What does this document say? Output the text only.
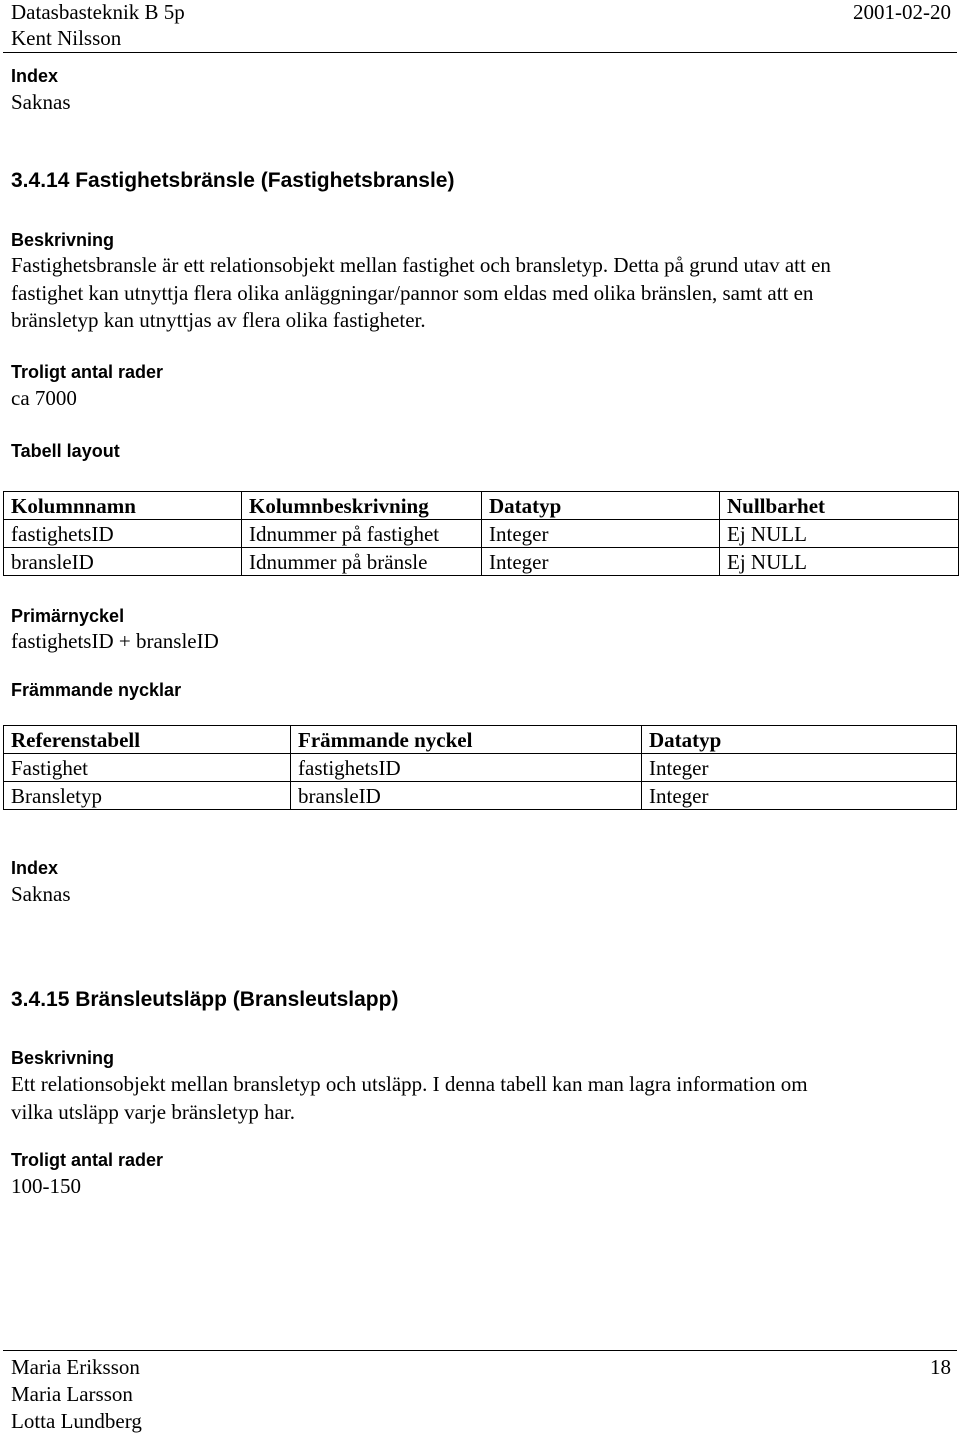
Datasbasteknik B 5p	2001-02-20
Kent Nilsson
Index
Saknas
3.4.14 Fastighetsbränsle (Fastighetsbransle)
Beskrivning
Fastighetsbransle är ett relationsobjekt mellan fastighet och bransletyp. Detta på grund utav att en
fastighet kan utnyttja flera olika anläggningar/pannor som eldas med olika bränslen, samt att en
bränsletyp kan utnyttjas av flera olika fastigheter.
Troligt antal rader
ca 7000
Tabell layout
Kolumnnamn	Kolumnbeskrivning	Datatyp	Nullbarhet
fastighetsID	Idnummer på fastighet	Integer	Ej NULL
bransleID	Idnummer på bränsle	Integer	Ej NULL
Primärnyckel
fastighetsID + bransleID
Främmande nycklar
Referenstabell	Främmande nyckel	Datatyp
Fastighet	fastighetsID	Integer
Bransletyp	bransleID	Integer
Index
Saknas
3.4.15 Bränsleutsläpp (Bransleutslapp)
Beskrivning
Ett relationsobjekt mellan bransletyp och utsläpp. I denna tabell kan man lagra information om
vilka utsläpp varje bränsletyp har.
Troligt antal rader
100-150
Maria Eriksson	18
Maria Larsson
Lotta Lundberg
